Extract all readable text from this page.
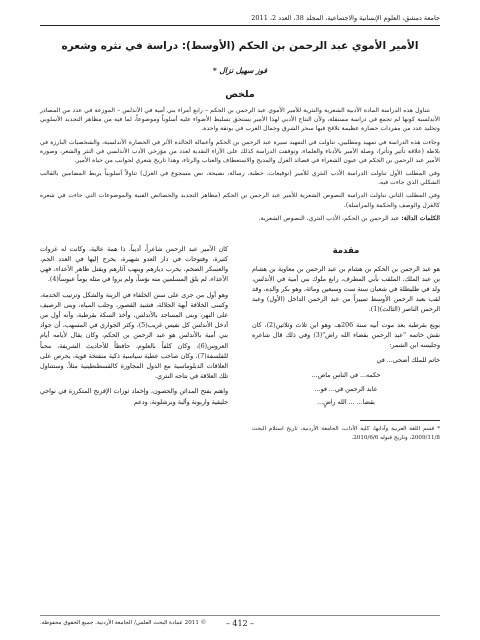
جامعة دمشق، العلوم الإنسانية والاجتماعية، المجلد 38، العدد 2، 2011
الأمير الأموي عبد الرحمن بن الحكم (الأوسط): دراسة في نثره وشعره
فوز سهيل نزال *
ملخص

تتناول هذه الدراسة المادة الأدبية الشعرية والنثرية للأمير الأموي عبد الرحمن بن الحكم – رابع أمراء بني أمية في الأندلس – الموزعة في عدد من المصادر الأندلسية كونها لم تجمع في دراسة مستقلة، ولأن النتاج الأدبي لهذا الأمير يستحق تسليط الأضواء عليه أسلوباً وموضوعاً، لما فيه من مظاهر التجديد الأسلوبي وتخليد عدد من مفردات حضارة عظيمة تلاقح فيها سحر الشرق وجمال الغرب في بوتقة واحدة.

وجاءت هذه الدراسة في تمهيد ومطلبين، تناولت في التمهيد سيرة عبد الرحمن بن الحكم وأعماله الخالدة الأثر في الحضارة الأندلسية، والشخصيات البارزة في بلاطه (علاقة تأثير وتأثر)، وصلة الأمير بالأدباء والعلماء، وتوقفت الدراسة كذلك على الآراء النقدية لعدد من مؤرخي الأدب الأندلسي في النثر والشعر، وصورة الأمير عبد الرحمن بن الحكم في عيون الشعراء في قصائد الغزل والمديح والاستعطاف والعتاب والرثاء، وهذا تاريخ شعري لجوانب من حياة الأمير.

وفي المطلب الأول تناولت الدراسة الأدب النثري للأمير (توقيعات، خطبة، رسالة، نصيحة، نص مسجوع في الغزل) تناولاً أسلوبياً يربط المضامين بالقالب الشكلي الذي جاءت فيه.

وفي المطلب الثاني تناولت الدراسة النصوص الشعرية للأمير عبد الرحمن بن الحكم (مظاهر التجديد والخصائص الفنية والموضوعات التي جاءت في شعره كالغزل والوصف والحكمة والمراسلة).

الكلمات الدالة: عبد الرحمن بن الحكم، الأدب النثري، النصوص الشعرية.
مقدمة

هو عبد الرحمن بن الحكم بن هشام بن عبد الرحمن بن معاوية بن هشام بن عبد الملك، الملقب بأبي المطرف، رابع ملوك بني أمية في الأندلس، ولد في طليطلة في شعبان سنة ست وسبعين ومائة، وهو بكر والده، وقد لقب بعبد الرحمن الأوسط تمييزاً من عبد الرحمن الداخل (الأول) وعبد الرحمن الناصر (الثالث)(1).

بويع بقرطبة بعد موت أبيه سنة 206هـ، وهو ابن ثلاث وثلاثين(2)، كان نقش خاتمه "عبد الرحمن بقضاء الله راض"(3) وفي ذلك قال شاعره وجليسه ابن الشمر:

خاتم للملك أضحى... في

حكمه... في الناس ماض...
عابد الرحمن في... فو...
بقضا... ... الله راضٍ...
* قسم اللغة العربية وآدابها، كلية الآداب، الجامعة الأردنية، تاريخ استلام البحث 2009/11/8، وتاريخ قبوله 2010/6/6.

كان الأمير عبد الرحمن شاعراً، أديباً، ذا همة عالية، وكانت له غزوات كثيرة، وفتوحات في دار العدو شهيرة، يخرج إليها في العدد الجم، والعسكر الضخم، يخرب ديارهم وينهب آثارهم ويقتل ظاهر الأعداء، فهي الأعداء، لم يلق المسلمين منه بؤساً، ولم يروا في مثله يوماً عبوساً(4).

وهو أول من جرى على سنن الخلفاء في الزينة والشكل وترتيب الخدمة، وكسى الخلافة أبهة الجلالة، فشيد القصور، وجلب المياه، وبنى الرصيف على النهر، وبنى المساجد بالأندلس، وأخذ السكة بقرطبة، وأنه أول من أدخل الأندلس كل نفيس غريب(5)، وكثر الجواري في المسهب، أن جواد بني أمية بالأندلس هو عبد الرحمن بن الحكم، وكان يقال لأيامه أيام العروس(6)، وكان كلفاً بالعلوم، حافظاً للأحاديث الشريفة، محباً للفلسفة(7)، وكان صاحب عطية سياسية ذكية منفتحة قوية، يحرص على العلاقات الدبلوماسية مع الدول المجاورة كالقسطنطينية مثلاً، وستتناول تلك العلاقة في نتاجه النثري.

واهتم بفتح المدائن والحصون، وإخماد ثورات الإفرنج المتكررة في نواحي جليقية واربونة وألبة وبرشلونة، ودعم

– 412 –
© 2011 عمادة البحث العلمي/ الجامعة الأردنية. جميع الحقوق محفوظة.
